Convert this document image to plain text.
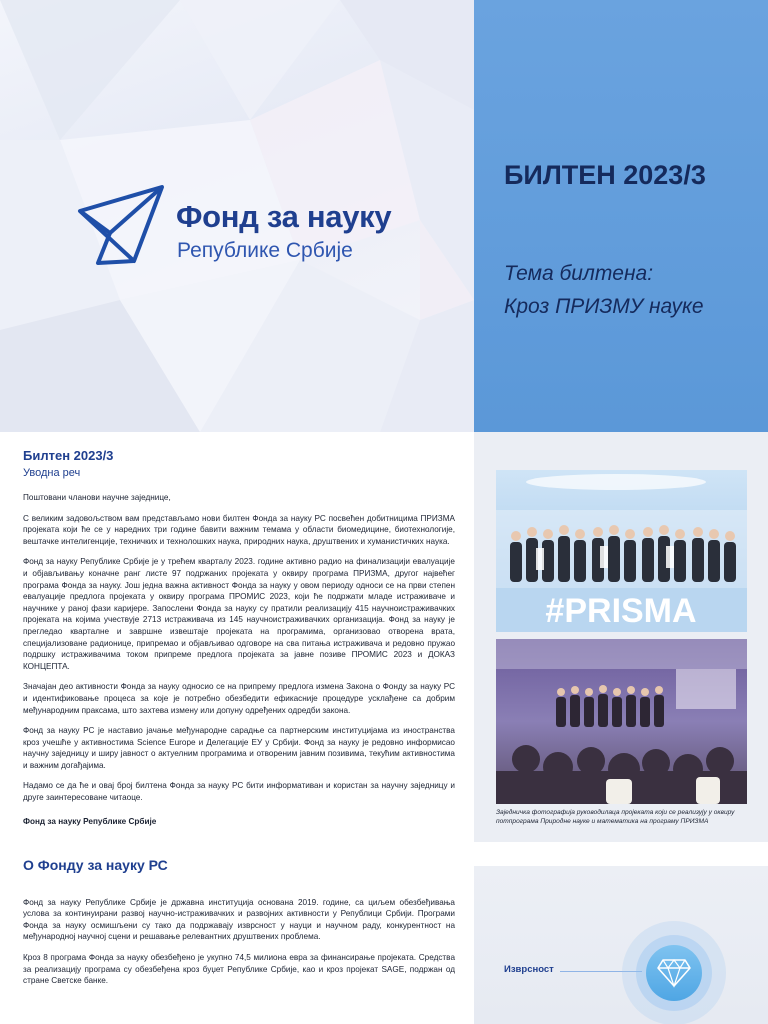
Фонд за науку
Републике Србије
БИЛТЕН 2023/3
Тема билтена:
Кроз ПРИЗМУ науке
Билтен 2023/3
Уводна реч
Поштовани чланови научне заједнице,
С великим задовољством вам представљамо нови билтен Фонда за науку РС посвећен добитницима ПРИЗМА пројеката који ће се у наредних три године бавити важним темама у области биомедицине, биотехнологије, вештачке интелигенције, техничких и технолошких наука, природних наука, друштвених и хуманистичких наука.
Фонд за науку Републике Србије је у трећем кварталу 2023. године активно радио на финализацији евалуације и објављивању коначне ранг листе 97 подржаних пројеката у оквиру програма ПРИЗМА, другог највећег програма Фонда за науку. Још једна важна активност Фонда за науку у овом периоду односи се на први степен евалуације предлога пројеката у оквиру програма ПРОМИС 2023, који ће подржати младе истраживаче и научнике у раној фази каријере. Запослени Фонда за науку су пратили реализацију 415 научноистраживачких пројеката на којима учествује 2713 истраживача из 145 научноистраживачких организација. Фонд за науку је прегледао кварталне и завршне извештаје пројеката на програмима, организовао отворена врата, специјализоване радионице, припремао и објављивао одговоре на сва питања истраживача и редовно пружао подршку истраживачима током припреме предлога пројеката за јавне позиве ПРОМИС 2023 и ДОКАЗ КОНЦЕПТА.
Значајан део активности Фонда за науку односио се на припрему предлога измена Закона о Фонду за науку РС и идентификовање процеса за које је потребно обезбедити ефикасније процедуре усклађене са добрим међународним праксама, што захтева измену или допуну одређених одредби закона.
Фонд за науку РС је наставио јачање међународне сарадње са партнерским институцијама из иностранства кроз учешће у активностима Science Europe и Делегације ЕУ у Србији. Фонд за науку је редовно информисао научну заједницу и ширу јавност о актуелним програмима и отвореним јавним позивима, текућим активностима и важним догађајима.
Надамо се да ће и овај број билтена Фонда за науку РС бити информативан и користан за научну заједницу и друге заинтересоване читаоце.
Фонд за науку Републике Србије
О Фонду за науку РС
Фонд за науку Републике Србије је државна институција основана 2019. године, са циљем обезбеђивања услова за континуирани развој научно-истраживачких и развојних активности у Републици Србији. Програми Фонда за науку осмишљени су тако да подржавају изврсност у науци и научном раду, конкурентност на међународној научној сцени и решавање релевантних друштвених проблема.
Кроз 8 програма Фонда за науку обезбеђено је укупно 74,5 милиона евра за финансирање пројеката. Средства за реализацију програма су обезбеђена кроз буџет Републике Србије, као и кроз пројекат SAGE, подржан од стране Светске банке.
#PRISMA
Заједничка фотографија руководилаца пројеката који се реализују у оквиру потпрограма Природне науке и математика на програму ПРИЗМА
Изврсност
